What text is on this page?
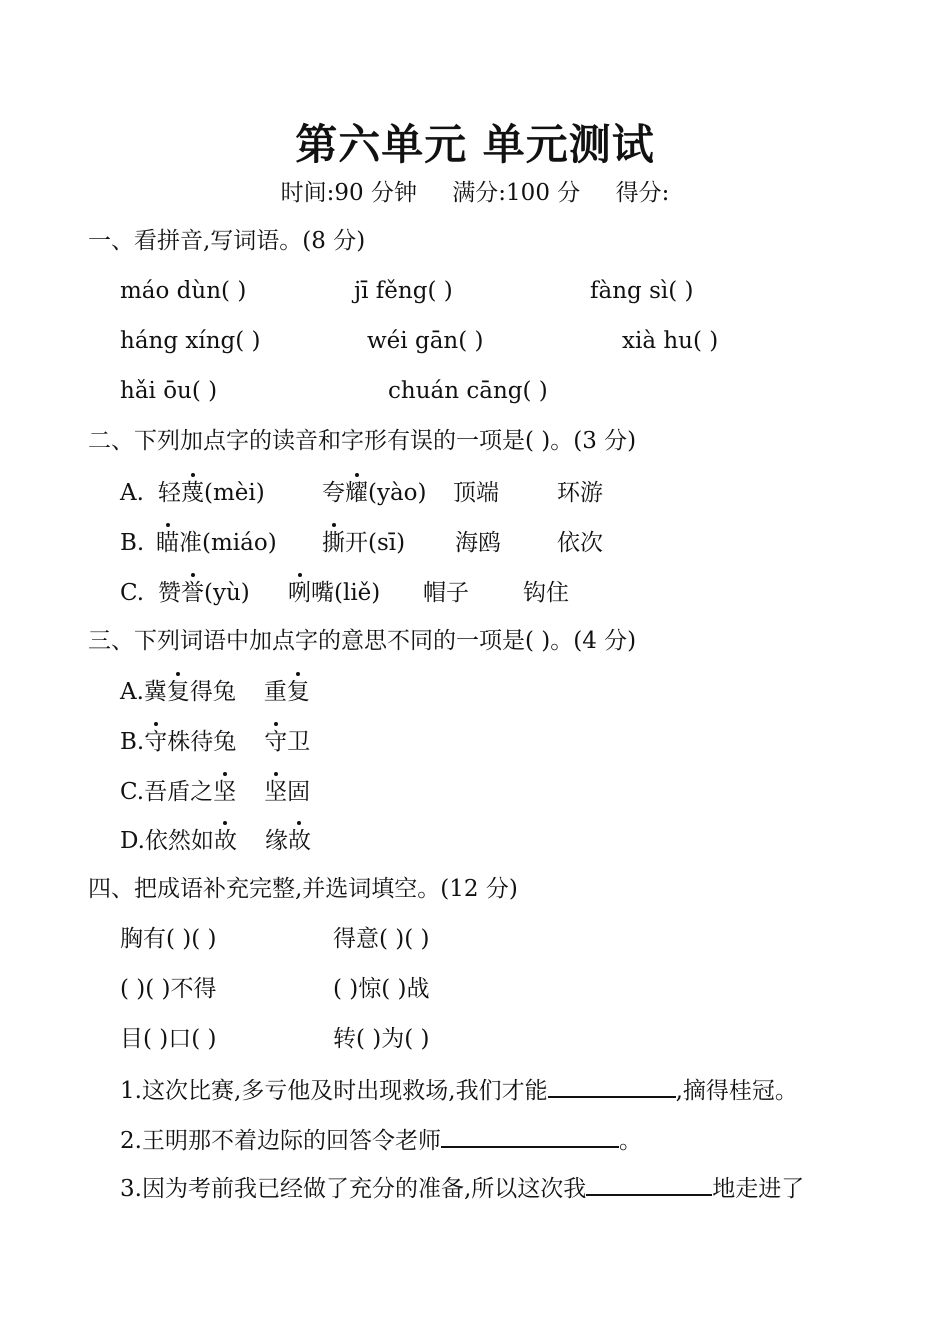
第六单元 单元测试
时间:90 分钟 满分:100 分 得分:
一、看拼音,写词语。(8 分)
máo dùn( )	jī fěng( )	fàng sì( )
háng xíng( )	wéi gān( )	xià hu( )
hǎi ōu( )	chuán cāng( )
二、下列加点字的读音和字形有误的一项是( )。(3 分)
A. 轻蔑(mèi) 夸耀(yào) 顶端	环游
B. 瞄准(miáo) 撕开(sī) 海鸥 依次
C. 赞誉(yù) 咧嘴(liě) 帽子 钩住
三、下列词语中加点字的意思不同的一项是( )。(4 分)
A.冀复得兔 重复
B.守株待兔 守卫
C.吾盾之坚 坚固
D.依然如故 缘故
四、把成语补充完整,并选词填空。(12 分)
胸有( )( )	得意( )( )
( )( )不得	( )惊( )战
目( )口( )	转( )为( )
1.这次比赛,多亏他及时出现救场,我们才能	,摘得桂冠。
2.王明那不着边际的回答令老师	。
3.因为考前我已经做了充分的准备,所以这次我	地走进了
